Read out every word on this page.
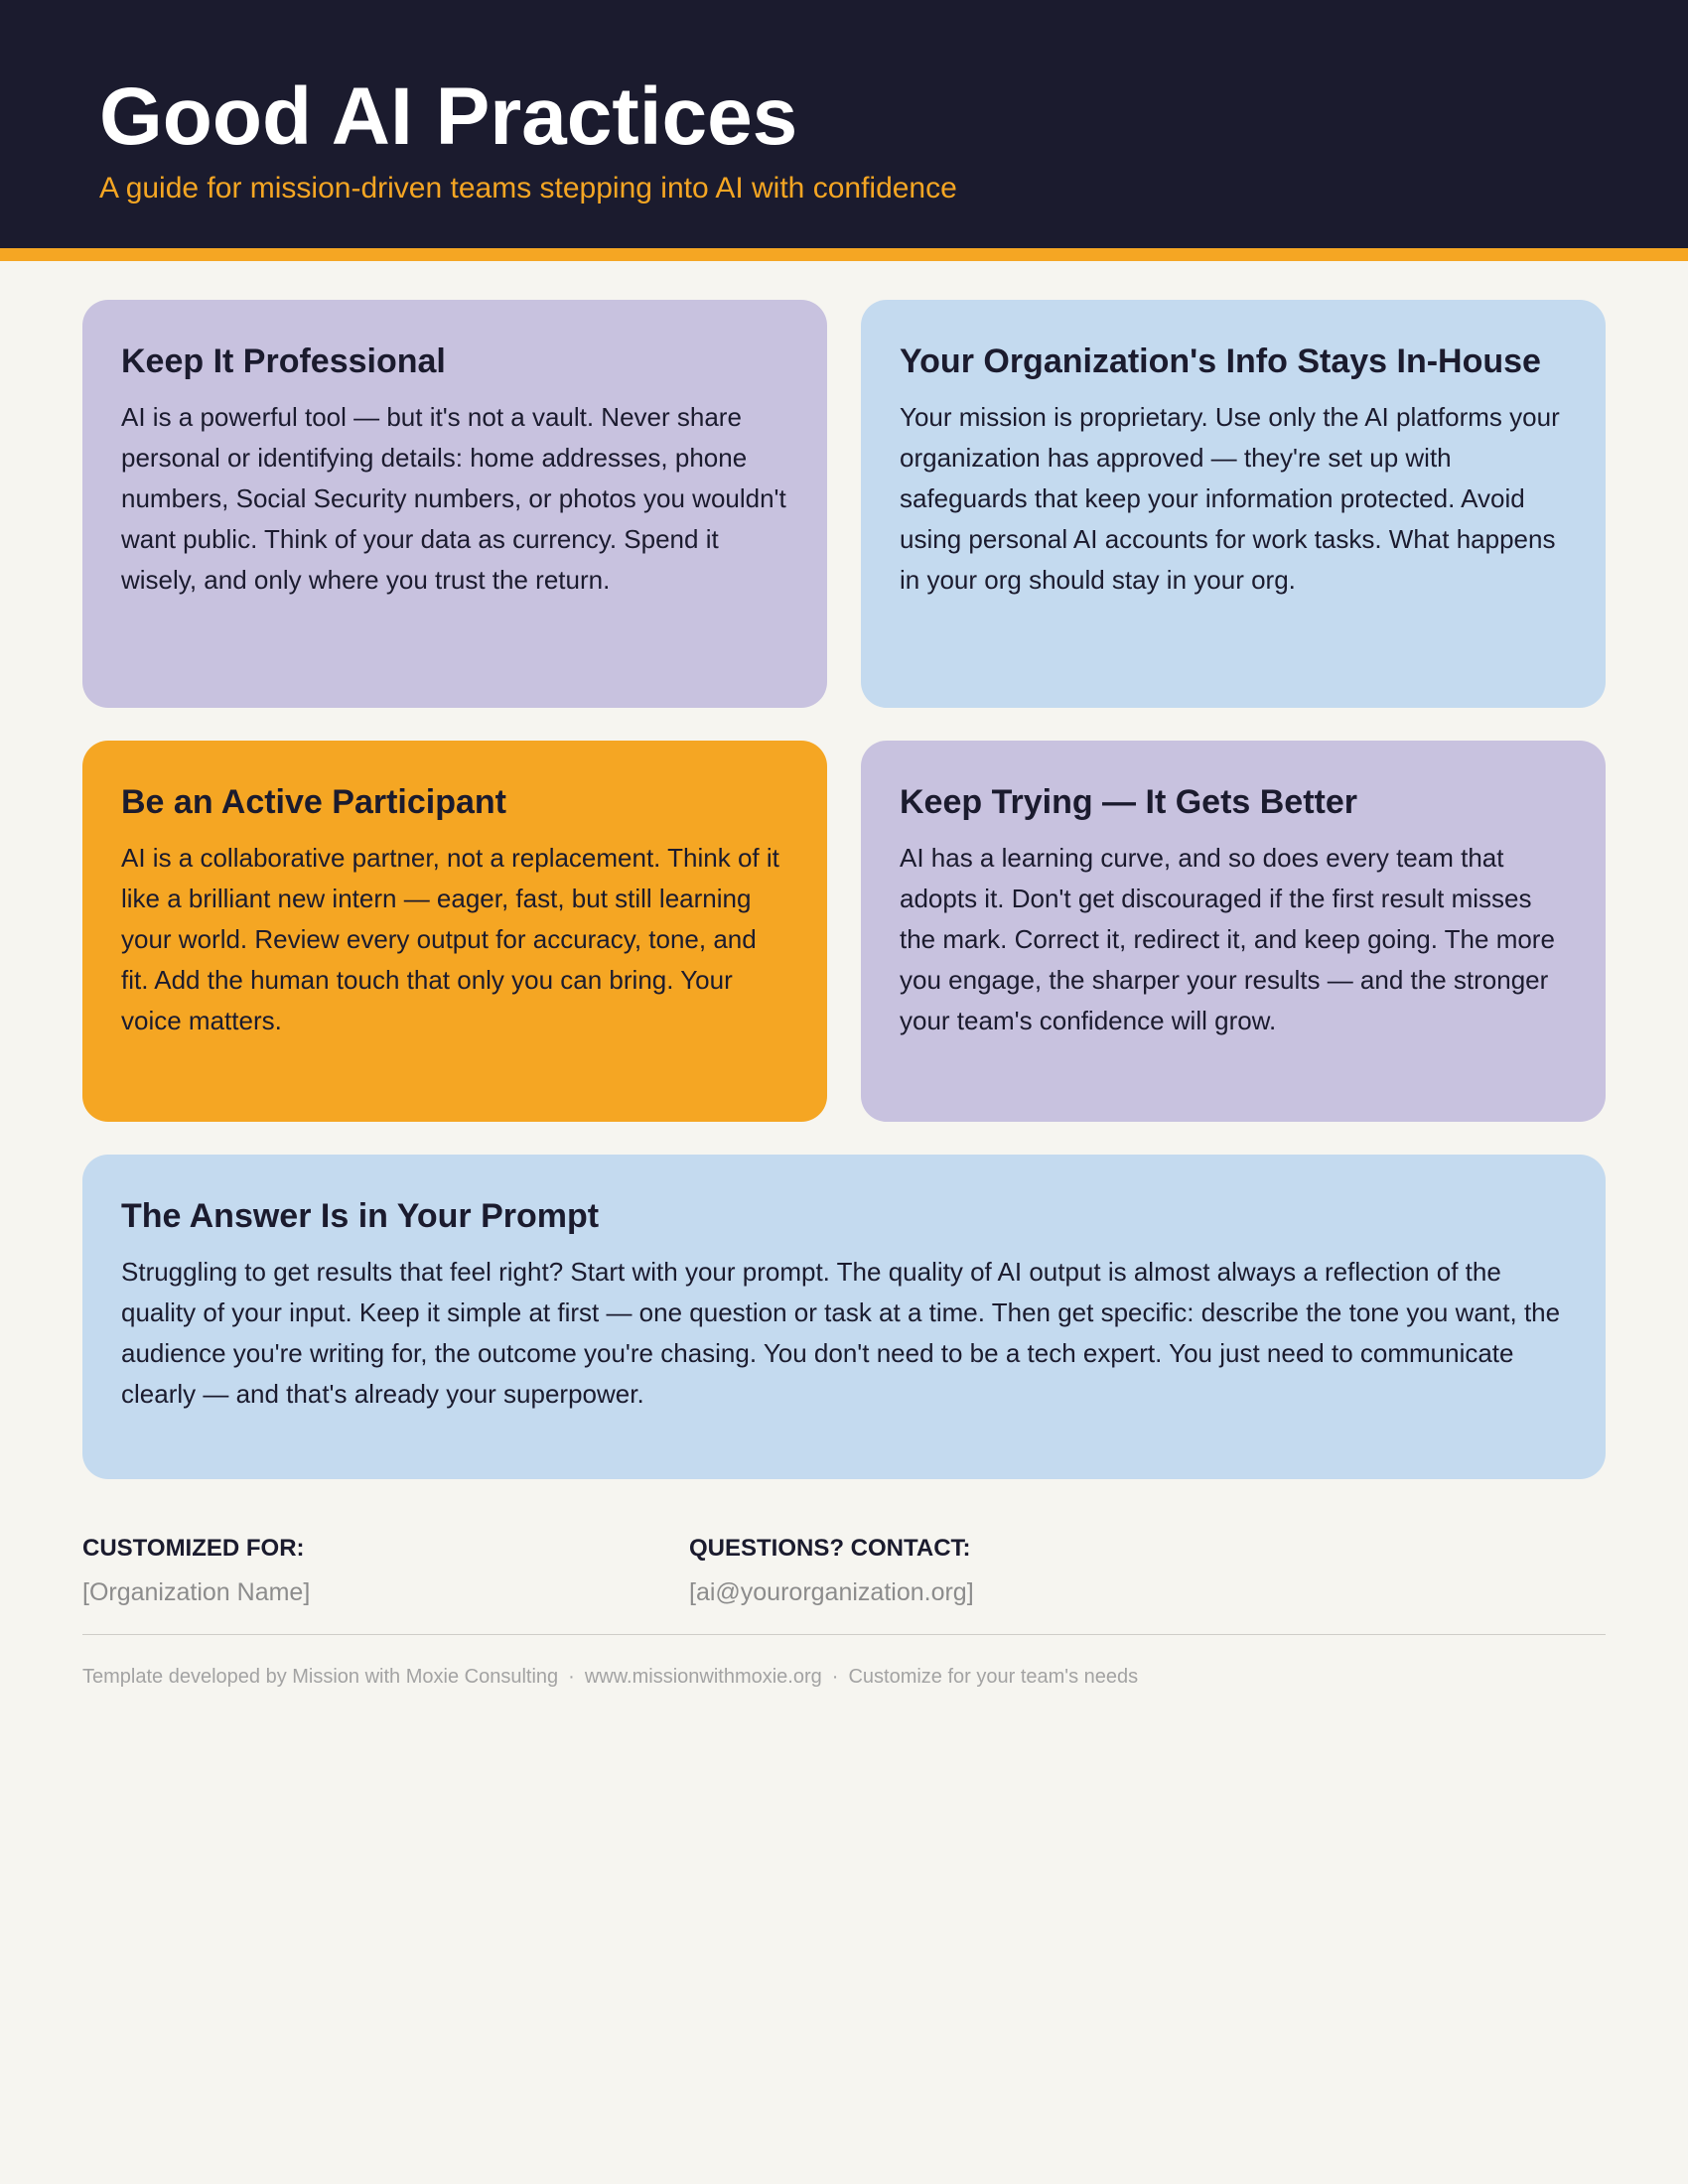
Good AI Practices

A guide for mission-driven teams stepping into AI with confidence

Keep It Professional

AI is a powerful tool — but it's not a vault. Never share personal or identifying details: home addresses, phone numbers, Social Security numbers, or photos you wouldn't want public. Think of your data as currency. Spend it wisely, and only where you trust the return.

Your Organization's Info Stays In-House

Your mission is proprietary. Use only the AI platforms your organization has approved — they're set up with safeguards that keep your information protected. Avoid using personal AI accounts for work tasks. What happens in your org should stay in your org.

Be an Active Participant

AI is a collaborative partner, not a replacement. Think of it like a brilliant new intern — eager, fast, but still learning your world. Review every output for accuracy, tone, and fit. Add the human touch that only you can bring. Your voice matters.

Keep Trying — It Gets Better

AI has a learning curve, and so does every team that adopts it. Don't get discouraged if the first result misses the mark. Correct it, redirect it, and keep going. The more you engage, the sharper your results — and the stronger your team's confidence will grow.

The Answer Is in Your Prompt

Struggling to get results that feel right? Start with your prompt. The quality of AI output is almost always a reflection of the quality of your input. Keep it simple at first — one question or task at a time. Then get specific: describe the tone you want, the audience you're writing for, the outcome you're chasing. You don't need to be a tech expert. You just need to communicate clearly — and that's already your superpower.

CUSTOMIZED FOR:

[Organization Name]

QUESTIONS? CONTACT:

[ai@yourorganization.org]

Template developed by Mission with Moxie Consulting · www.missionwithmoxie.org · Customize for your team's needs
